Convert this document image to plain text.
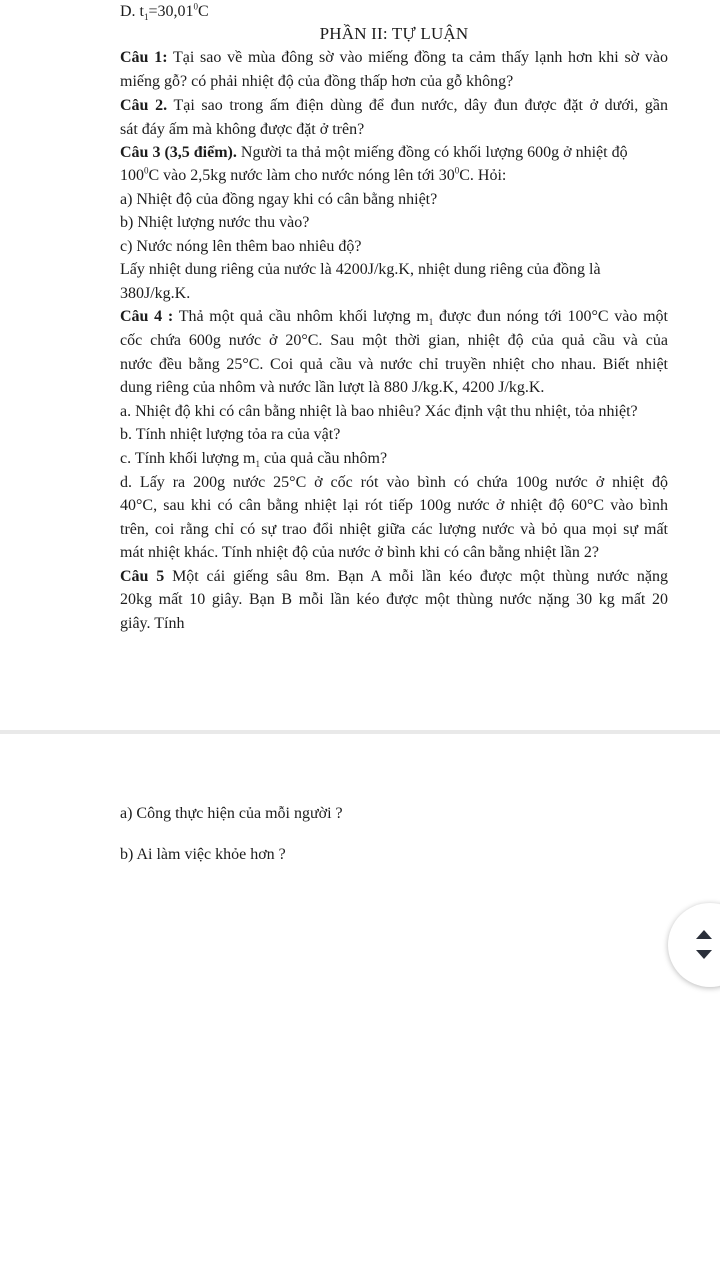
D. $t_1=30,01^0C$
PHẦN II: TỰ LUẬN
Câu 1: Tại sao về mùa đông sờ vào miếng đồng ta cảm thấy lạnh hơn khi sờ vào
miếng gỗ? có phải nhiệt độ của đồng thấp hơn của gỗ không?
Câu 2. Tại sao trong ấm điện dùng để đun nước, dây đun được đặt ở dưới, gần
sát đáy ấm mà không được đặt ở trên?
Câu 3 (3,5 điểm). Người ta thả một miếng đồng có khối lượng 600g ở nhiệt độ
$100^0C$ vào 2,5kg nước làm cho nước nóng lên tới $30^0C$. Hỏi:
a) Nhiệt độ của đồng ngay khi có cân bằng nhiệt?
b) Nhiệt lượng nước thu vào?
c) Nước nóng lên thêm bao nhiêu độ?
Lấy nhiệt dung riêng của nước là 4200J/kg.K, nhiệt dung riêng của đồng là
380J/kg.K.
Câu 4 : Thả một quả cầu nhôm khối lượng $m_1$ được đun nóng tới 100°C vào một
cốc chứa 600g nước ở 20°C. Sau một thời gian, nhiệt độ của quả cầu và của
nước đều bằng 25°C. Coi quả cầu và nước chỉ truyền nhiệt cho nhau. Biết nhiệt
dung riêng của nhôm và nước lần lượt là 880 J/kg.K, 4200 J/kg.K.
a. Nhiệt độ khi có cân bằng nhiệt là bao nhiêu? Xác định vật thu nhiệt, tỏa nhiệt?
b. Tính nhiệt lượng tỏa ra của vật?
c. Tính khối lượng $m_1$ của quả cầu nhôm?
d. Lấy ra 200g nước 25°C ở cốc rót vào bình có chứa 100g nước ở nhiệt độ
40°C, sau khi có cân bằng nhiệt lại rót tiếp 100g nước ở nhiệt độ 60°C vào bình
trên, coi rằng chỉ có sự trao đổi nhiệt giữa các lượng nước và bỏ qua mọi sự mất
mát nhiệt khác. Tính nhiệt độ của nước ở bình khi có cân bằng nhiệt lần 2?
Câu 5 Một cái giếng sâu 8m. Bạn A mỗi lần kéo được một thùng nước nặng
20kg mất 10 giây. Bạn B mỗi lần kéo được một thùng nước nặng 30 kg mất 20
giây. Tính
a) Công thực hiện của mỗi người ?
b) Ai làm việc khỏe hơn ?
